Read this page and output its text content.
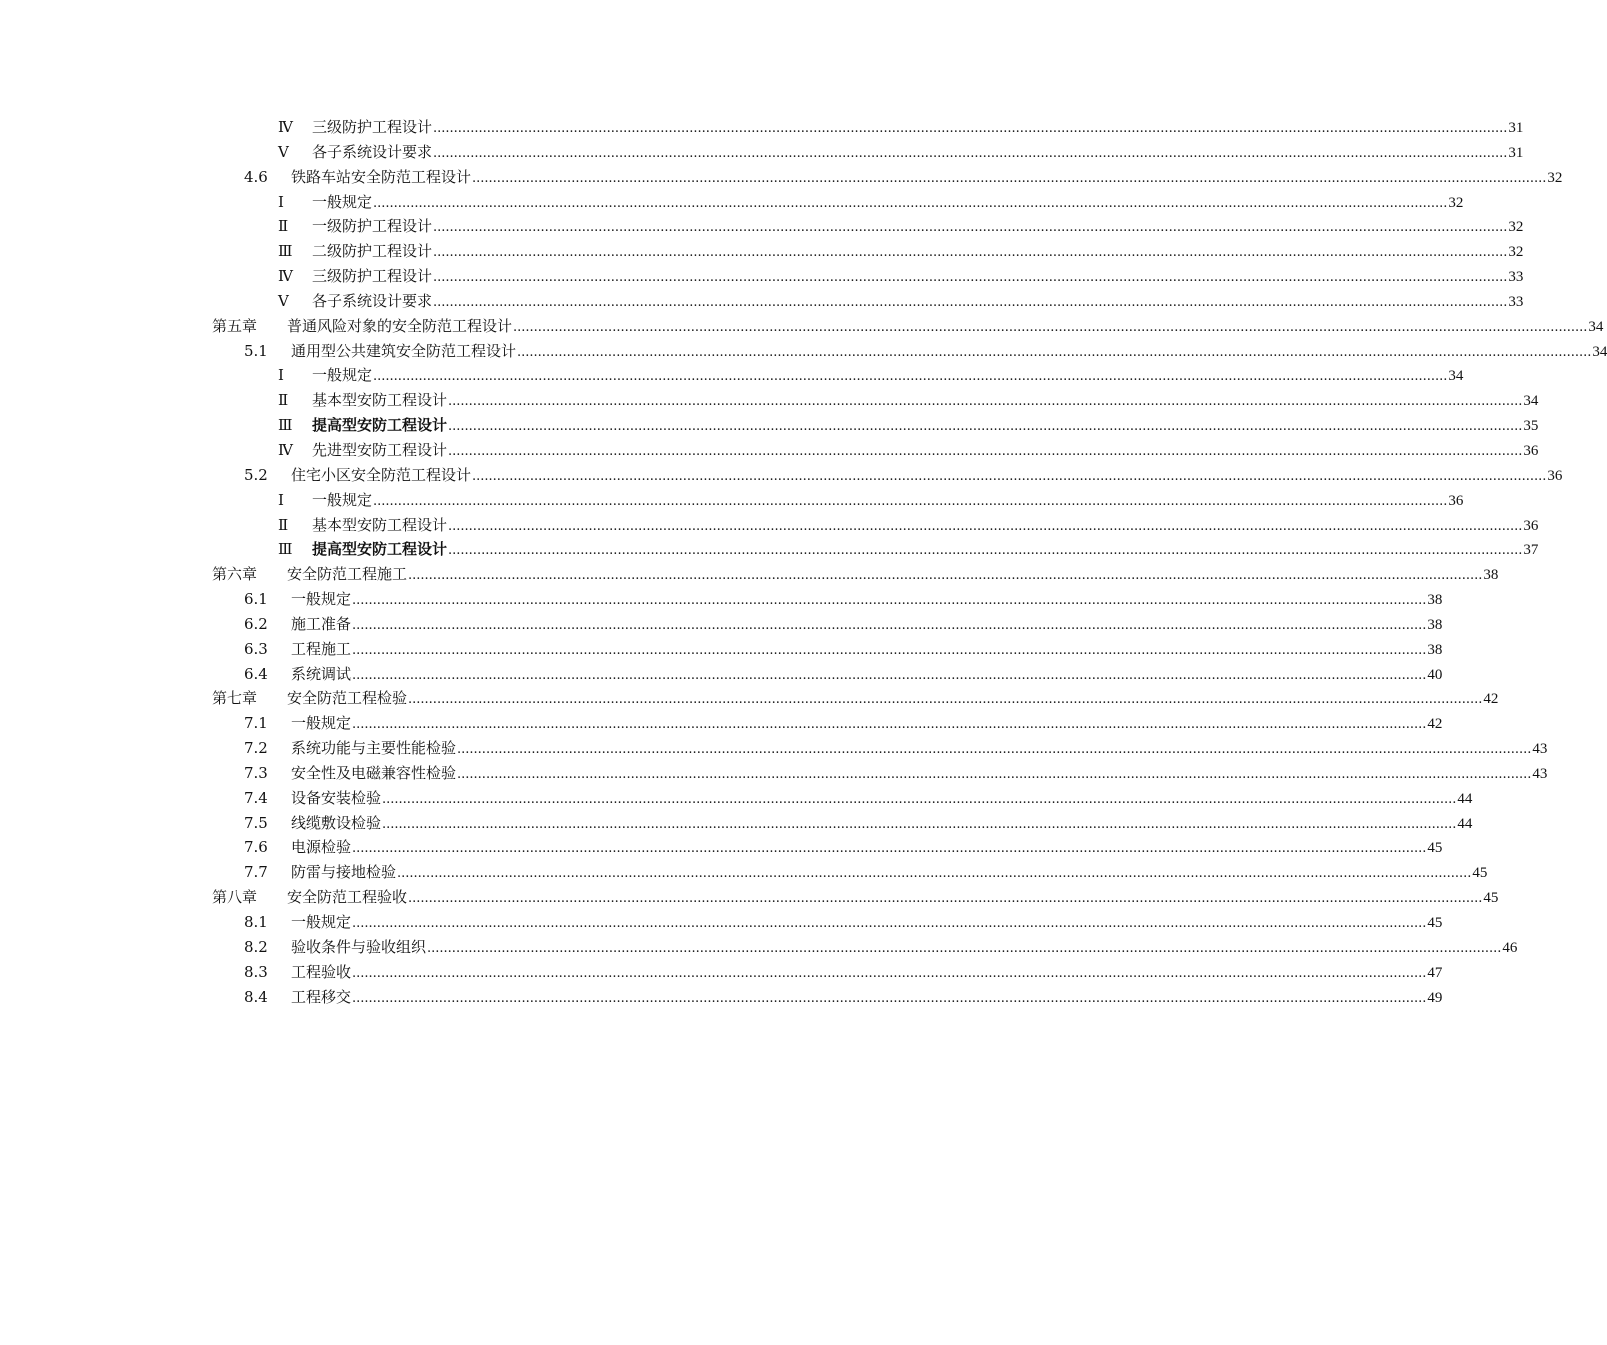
Ⅳ 三级防护工程设计 .................................................................................................................................................................................................................................................................... 31
Ⅴ 各子系统设计要求 .................................................................................................................................................................................................................................................................... 31
4.6 铁路车站安全防范工程设计 .................................................................................................................................................................................................................................................................... 32
Ⅰ 一般规定 .................................................................................................................................................................................................................................................................... 32
Ⅱ 一级防护工程设计 .................................................................................................................................................................................................................................................................... 32
Ⅲ 二级防护工程设计 .................................................................................................................................................................................................................................................................... 32
Ⅳ 三级防护工程设计 .................................................................................................................................................................................................................................................................... 33
Ⅴ 各子系统设计要求 .................................................................................................................................................................................................................................................................... 33
第五章 普通风险对象的安全防范工程设计 .................................................................................................................................................................................................................................................................... 34
5.1 通用型公共建筑安全防范工程设计 .................................................................................................................................................................................................................................................................... 34
Ⅰ 一般规定 .................................................................................................................................................................................................................................................................... 34
Ⅱ 基本型安防工程设计 .................................................................................................................................................................................................................................................................... 34
Ⅲ 提高型安防工程设计 .................................................................................................................................................................................................................................................................... 35
Ⅳ 先进型安防工程设计 .................................................................................................................................................................................................................................................................... 36
5.2 住宅小区安全防范工程设计 .................................................................................................................................................................................................................................................................... 36
Ⅰ 一般规定 .................................................................................................................................................................................................................................................................... 36
Ⅱ 基本型安防工程设计 .................................................................................................................................................................................................................................................................... 36
Ⅲ 提高型安防工程设计 .................................................................................................................................................................................................................................................................... 37
第六章 安全防范工程施工 .................................................................................................................................................................................................................................................................... 38
6.1 一般规定 .................................................................................................................................................................................................................................................................... 38
6.2 施工准备 .................................................................................................................................................................................................................................................................... 38
6.3 工程施工 .................................................................................................................................................................................................................................................................... 38
6.4 系统调试 .................................................................................................................................................................................................................................................................... 40
第七章 安全防范工程检验 .................................................................................................................................................................................................................................................................... 42
7.1 一般规定 .................................................................................................................................................................................................................................................................... 42
7.2 系统功能与主要性能检验 .................................................................................................................................................................................................................................................................... 43
7.3 安全性及电磁兼容性检验 .................................................................................................................................................................................................................................................................... 43
7.4 设备安装检验 .................................................................................................................................................................................................................................................................... 44
7.5 线缆敷设检验 .................................................................................................................................................................................................................................................................... 44
7.6 电源检验 .................................................................................................................................................................................................................................................................... 45
7.7 防雷与接地检验 .................................................................................................................................................................................................................................................................... 45
第八章 安全防范工程验收 .................................................................................................................................................................................................................................................................... 45
8.1 一般规定 .................................................................................................................................................................................................................................................................... 45
8.2 验收条件与验收组织 .................................................................................................................................................................................................................................................................... 46
8.3 工程验收 .................................................................................................................................................................................................................................................................... 47
8.4 工程移交 .................................................................................................................................................................................................................................................................... 49
